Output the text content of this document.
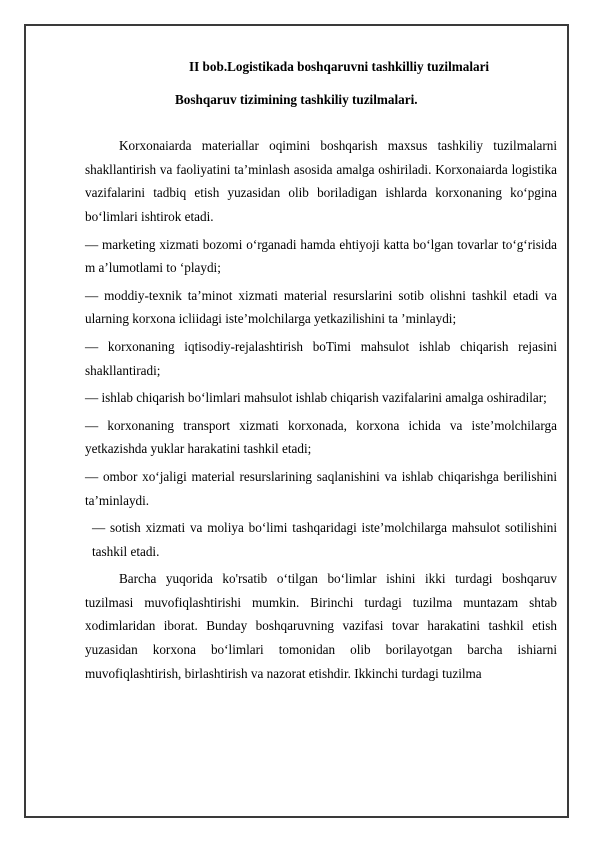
II bob.Logistikada boshqaruvni tashkilliy tuzilmalari
Boshqaruv tizimining tashkiliy tuzilmalari.

Korxonaiarda materiallar oqimini boshqarish maxsus tashkiliy tuzilmalarni shakllantirish va faoliyatini ta’minlash asosida amalga oshiriladi. Korxonaiarda logistika vazifalarini tadbiq etish yuzasidan olib boriladigan ishlarda korxonaning ko‘pgina bo‘limlari ishtirok etadi.

— marketing xizmati bozomi o‘rganadi hamda ehtiyoji katta bo‘lgan tovarlar to‘g‘risida m a’lumotlami to ‘playdi;

— moddiy-texnik ta’minot xizmati material resurslarini sotib olishni tashkil etadi va ularning korxona icliidagi iste’molchilarga yetkazilishini ta ’minlaydi;

— korxonaning iqtisodiy-rejalashtirish boTimi mahsulot ishlab chiqarish rejasini shakllantiradi;

— ishlab chiqarish bo‘limlari mahsulot ishlab chiqarish vazifalarini amalga oshiradilar;

— korxonaning transport xizmati korxonada, korxona ichida va iste’molchilarga yetkazishda yuklar harakatini tashkil etadi;

— ombor xo‘jaligi material resurslarining saqlanishini va ishlab chiqarishga berilishini ta’minlaydi.

— sotish xizmati va moliya bo‘limi tashqaridagi iste’molchilarga mahsulot sotilishini tashkil etadi.

Barcha yuqorida ko'rsatib o‘tilgan bo‘limlar ishini ikki turdagi boshqaruv tuzilmasi muvofiqlashtirishi mumkin. Birinchi turdagi tuzilma muntazam shtab xodimlaridan iborat. Bunday boshqaruvning vazifasi tovar harakatini tashkil etish yuzasidan korxona bo‘limlari tomonidan olib borilayotgan barcha ishiarni muvofiqlashtirish, birlashtirish va nazorat etishdir. Ikkinchi turdagi tuzilma
